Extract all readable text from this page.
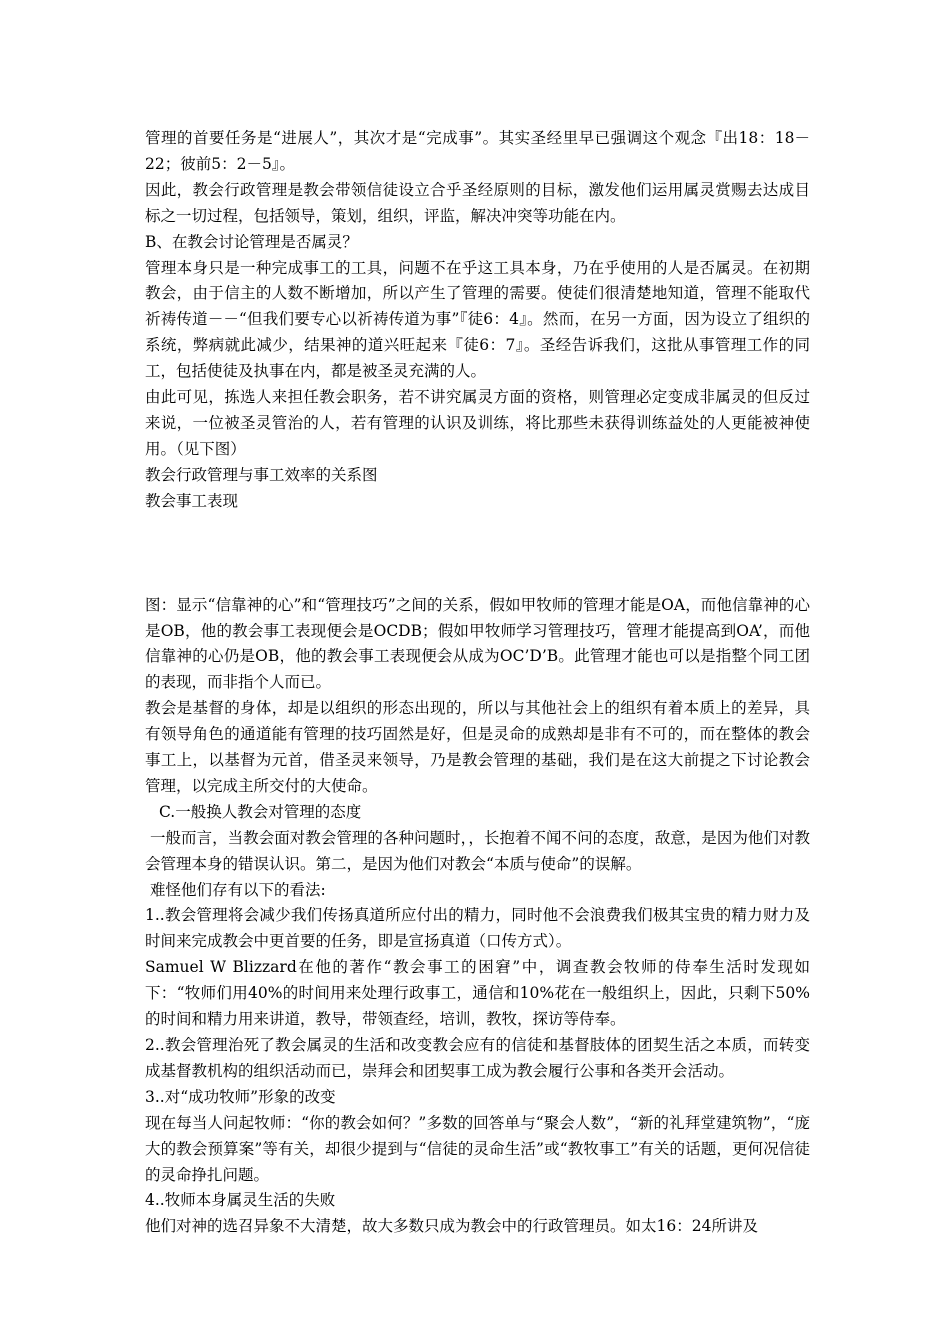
管理的首要任务是“进展人”，其次才是“完成事”。其实圣经里早已强调这个观念『出18：18－22；彼前5：2－5』。

因此，教会行政管理是教会带领信徒设立合乎圣经原则的目标，激发他们运用属灵赏赐去达成目标之一切过程，包括领导，策划，组织，评监，解决冲突等功能在内。

B、在教会讨论管理是否属灵？

管理本身只是一种完成事工的工具，问题不在乎这工具本身，乃在乎使用的人是否属灵。在初期教会，由于信主的人数不断增加，所以产生了管理的需要。使徒们很清楚地知道，管理不能取代祈祷传道－－“但我们要专心以祈祷传道为事”『徒6：4』。然而，在另一方面，因为设立了组织的系统，弊病就此减少，结果神的道兴旺起来『徒6：7』。圣经告诉我们，这批从事管理工作的同工，包括使徒及执事在内，都是被圣灵充满的人。

由此可见，拣选人来担任教会职务，若不讲究属灵方面的资格，则管理必定变成非属灵的但反过来说，一位被圣灵管治的人，若有管理的认识及训练，将比那些未获得训练益处的人更能被神使用。（见下图）

教会行政管理与事工效率的关系图

教会事工表现

图：显示“信靠神的心”和“管理技巧”之间的关系，假如甲牧师的管理才能是OA，而他信靠神的心是OB，他的教会事工表现便会是OCDB；假如甲牧师学习管理技巧，管理才能提高到OA’，而他信靠神的心仍是OB，他的教会事工表现便会从成为OC’D’B。此管理才能也可以是指整个同工团的表现，而非指个人而已。

教会是基督的身体，却是以组织的形态出现的，所以与其他社会上的组织有着本质上的差异，具有领导角色的通道能有管理的技巧固然是好，但是灵命的成熟却是非有不可的，而在整体的教会事工上，以基督为元首，借圣灵来领导，乃是教会管理的基础，我们是在这大前提之下讨论教会管理，以完成主所交付的大使命。

C.一般换人教会对管理的态度

一般而言，当教会面对教会管理的各种问题时，，长抱着不闻不问的态度，敌意，是因为他们对教会管理本身的错误认识。第二，是因为他们对教会“本质与使命”的误解。

难怪他们存有以下的看法:

1..教会管理将会减少我们传扬真道所应付出的精力，同时他不会浪费我们极其宝贵的精力财力及时间来完成教会中更首要的任务，即是宣扬真道（口传方式）。

Samuel W Blizzard在他的著作“教会事工的困窘”中，调查教会牧师的侍奉生活时发现如下：“牧师们用40%的时间用来处理行政事工，通信和10%花在一般组织上，因此，只剩下50%的时间和精力用来讲道，教导，带领查经，培训，教牧，探访等侍奉。

2..教会管理治死了教会属灵的生活和改变教会应有的信徒和基督肢体的团契生活之本质，而转变成基督教机构的组织活动而已，崇拜会和团契事工成为教会履行公事和各类开会活动。

3..对“成功牧师”形象的改变

现在每当人问起牧师：“你的教会如何？”多数的回答单与“聚会人数”，“新的礼拜堂建筑物”，“庞大的教会预算案”等有关，却很少提到与“信徒的灵命生活”或“教牧事工”有关的话题，更何况信徒的灵命挣扎问题。

4..牧师本身属灵生活的失败

他们对神的选召异象不大清楚，故大多数只成为教会中的行政管理员。如太16：24所讲及
